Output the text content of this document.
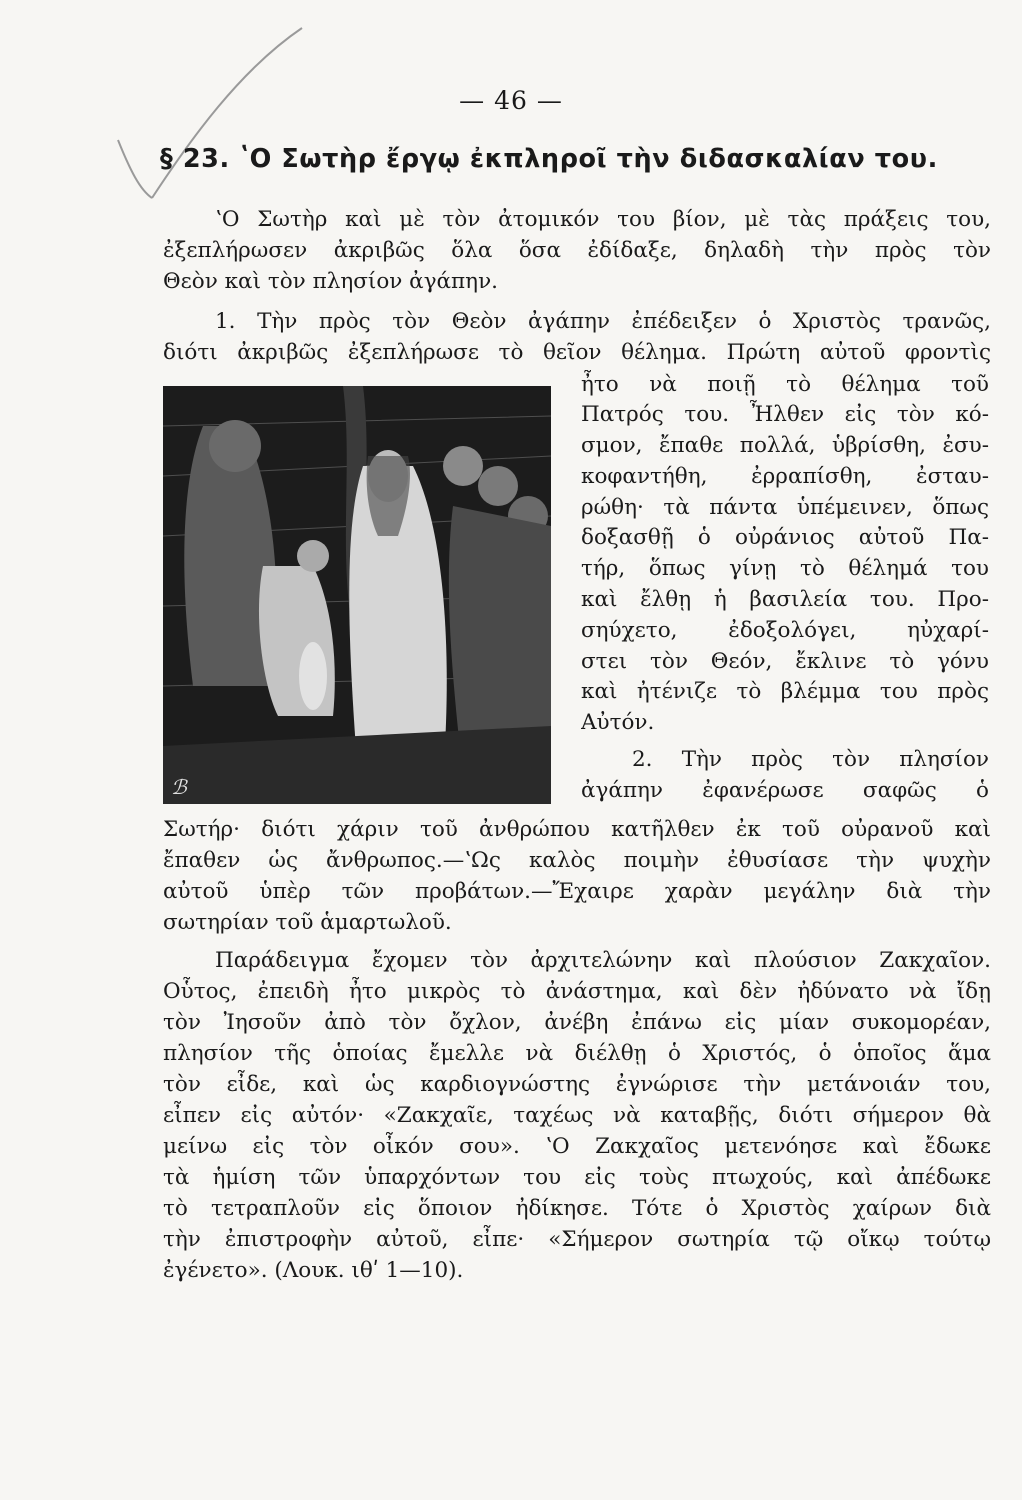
— 46 —
§ 23. ʽΟ Σωτὴρ ἔργῳ ἐκπληροῖ τὴν διδασκαλίαν του.
ʽΟ Σωτὴρ καὶ μὲ τὸν ἀτομικόν του βίον, μὲ τὰς πράξεις του,
ἐξεπλήρωσεν ἀκριβῶς ὅλα ὅσα ἐδίδαξε, δηλαδὴ τὴν πρὸς τὸν
Θεὸν καὶ τὸν πλησίον ἀγάπην.
1. Τὴν πρὸς τὸν Θεὸν ἀγάπην ἐπέδειξεν ὁ Χριστὸς τρανῶς,
διότι ἀκριβῶς ἐξεπλήρωσε τὸ θεῖον θέλημα. Πρώτη αὐτοῦ φροντὶς
ℬ
ἦτο νὰ ποιῇ τὸ θέλημα τοῦ
Πατρός του. Ἦλθεν εἰς τὸν κό-
σμον, ἔπαθε πολλά, ὑβρίσθη, ἐσυ-
κοφαντήθη, ἐρραπίσθη, ἐσταυ-
ρώθη· τὰ πάντα ὑπέμεινεν, ὅπως
δοξασθῇ ὁ οὐράνιος αὐτοῦ Πα-
τήρ, ὅπως γίνῃ τὸ θέλημά του
καὶ ἔλθῃ ἡ βασιλεία του. Προ-
σηύχετο, ἐδοξολόγει, ηὐχαρί-
στει τὸν Θεόν, ἔκλινε τὸ γόνυ
καὶ ἠτένιζε τὸ βλέμμα του πρὸς
Αὐτόν.
2. Τὴν πρὸς τὸν πλησίον
ἀγάπην ἐφανέρωσε σαφῶς ὁ
Σωτήρ· διότι χάριν τοῦ ἀνθρώπου κατῆλθεν ἐκ τοῦ οὐρανοῦ καὶ
ἔπαθεν ὡς ἄνθρωπος.—ʽΩς καλὸς ποιμὴν ἐθυσίασε τὴν ψυχὴν
αὐτοῦ ὑπὲρ τῶν προβάτων.—Ἔχαιρε χαρὰν μεγάλην διὰ τὴν
σωτηρίαν τοῦ ἁμαρτωλοῦ.
Παράδειγμα ἔχομεν τὸν ἀρχιτελώνην καὶ πλούσιον Ζακχαῖον.
Οὗτος, ἐπειδὴ ἦτο μικρὸς τὸ ἀνάστημα, καὶ δὲν ἠδύνατο νὰ ἴδῃ
τὸν Ἰησοῦν ἀπὸ τὸν ὄχλον, ἀνέβη ἐπάνω εἰς μίαν συκομορέαν,
πλησίον τῆς ὁποίας ἔμελλε νὰ διέλθῃ ὁ Χριστός, ὁ ὁποῖος ἅμα
τὸν εἶδε, καὶ ὡς καρδιογνώστης ἐγνώρισε τὴν μετάνοιάν του,
εἶπεν εἰς αὐτόν· «Ζακχαῖε, ταχέως νὰ καταβῇς, διότι σήμερον θὰ
μείνω εἰς τὸν οἶκόν σου». ʽΟ Ζακχαῖος μετενόησε καὶ ἔδωκε
τὰ ἡμίση τῶν ὑπαρχόντων του εἰς τοὺς πτωχούς, καὶ ἀπέδωκε
τὸ τετραπλοῦν εἰς ὅποιον ἠδίκησε. Τότε ὁ Χριστὸς χαίρων διὰ
τὴν ἐπιστροφὴν αὐτοῦ, εἶπε· «Σήμερον σωτηρία τῷ οἴκῳ τούτῳ
ἐγένετο». (Λουκ. ιθʹ 1—10).
